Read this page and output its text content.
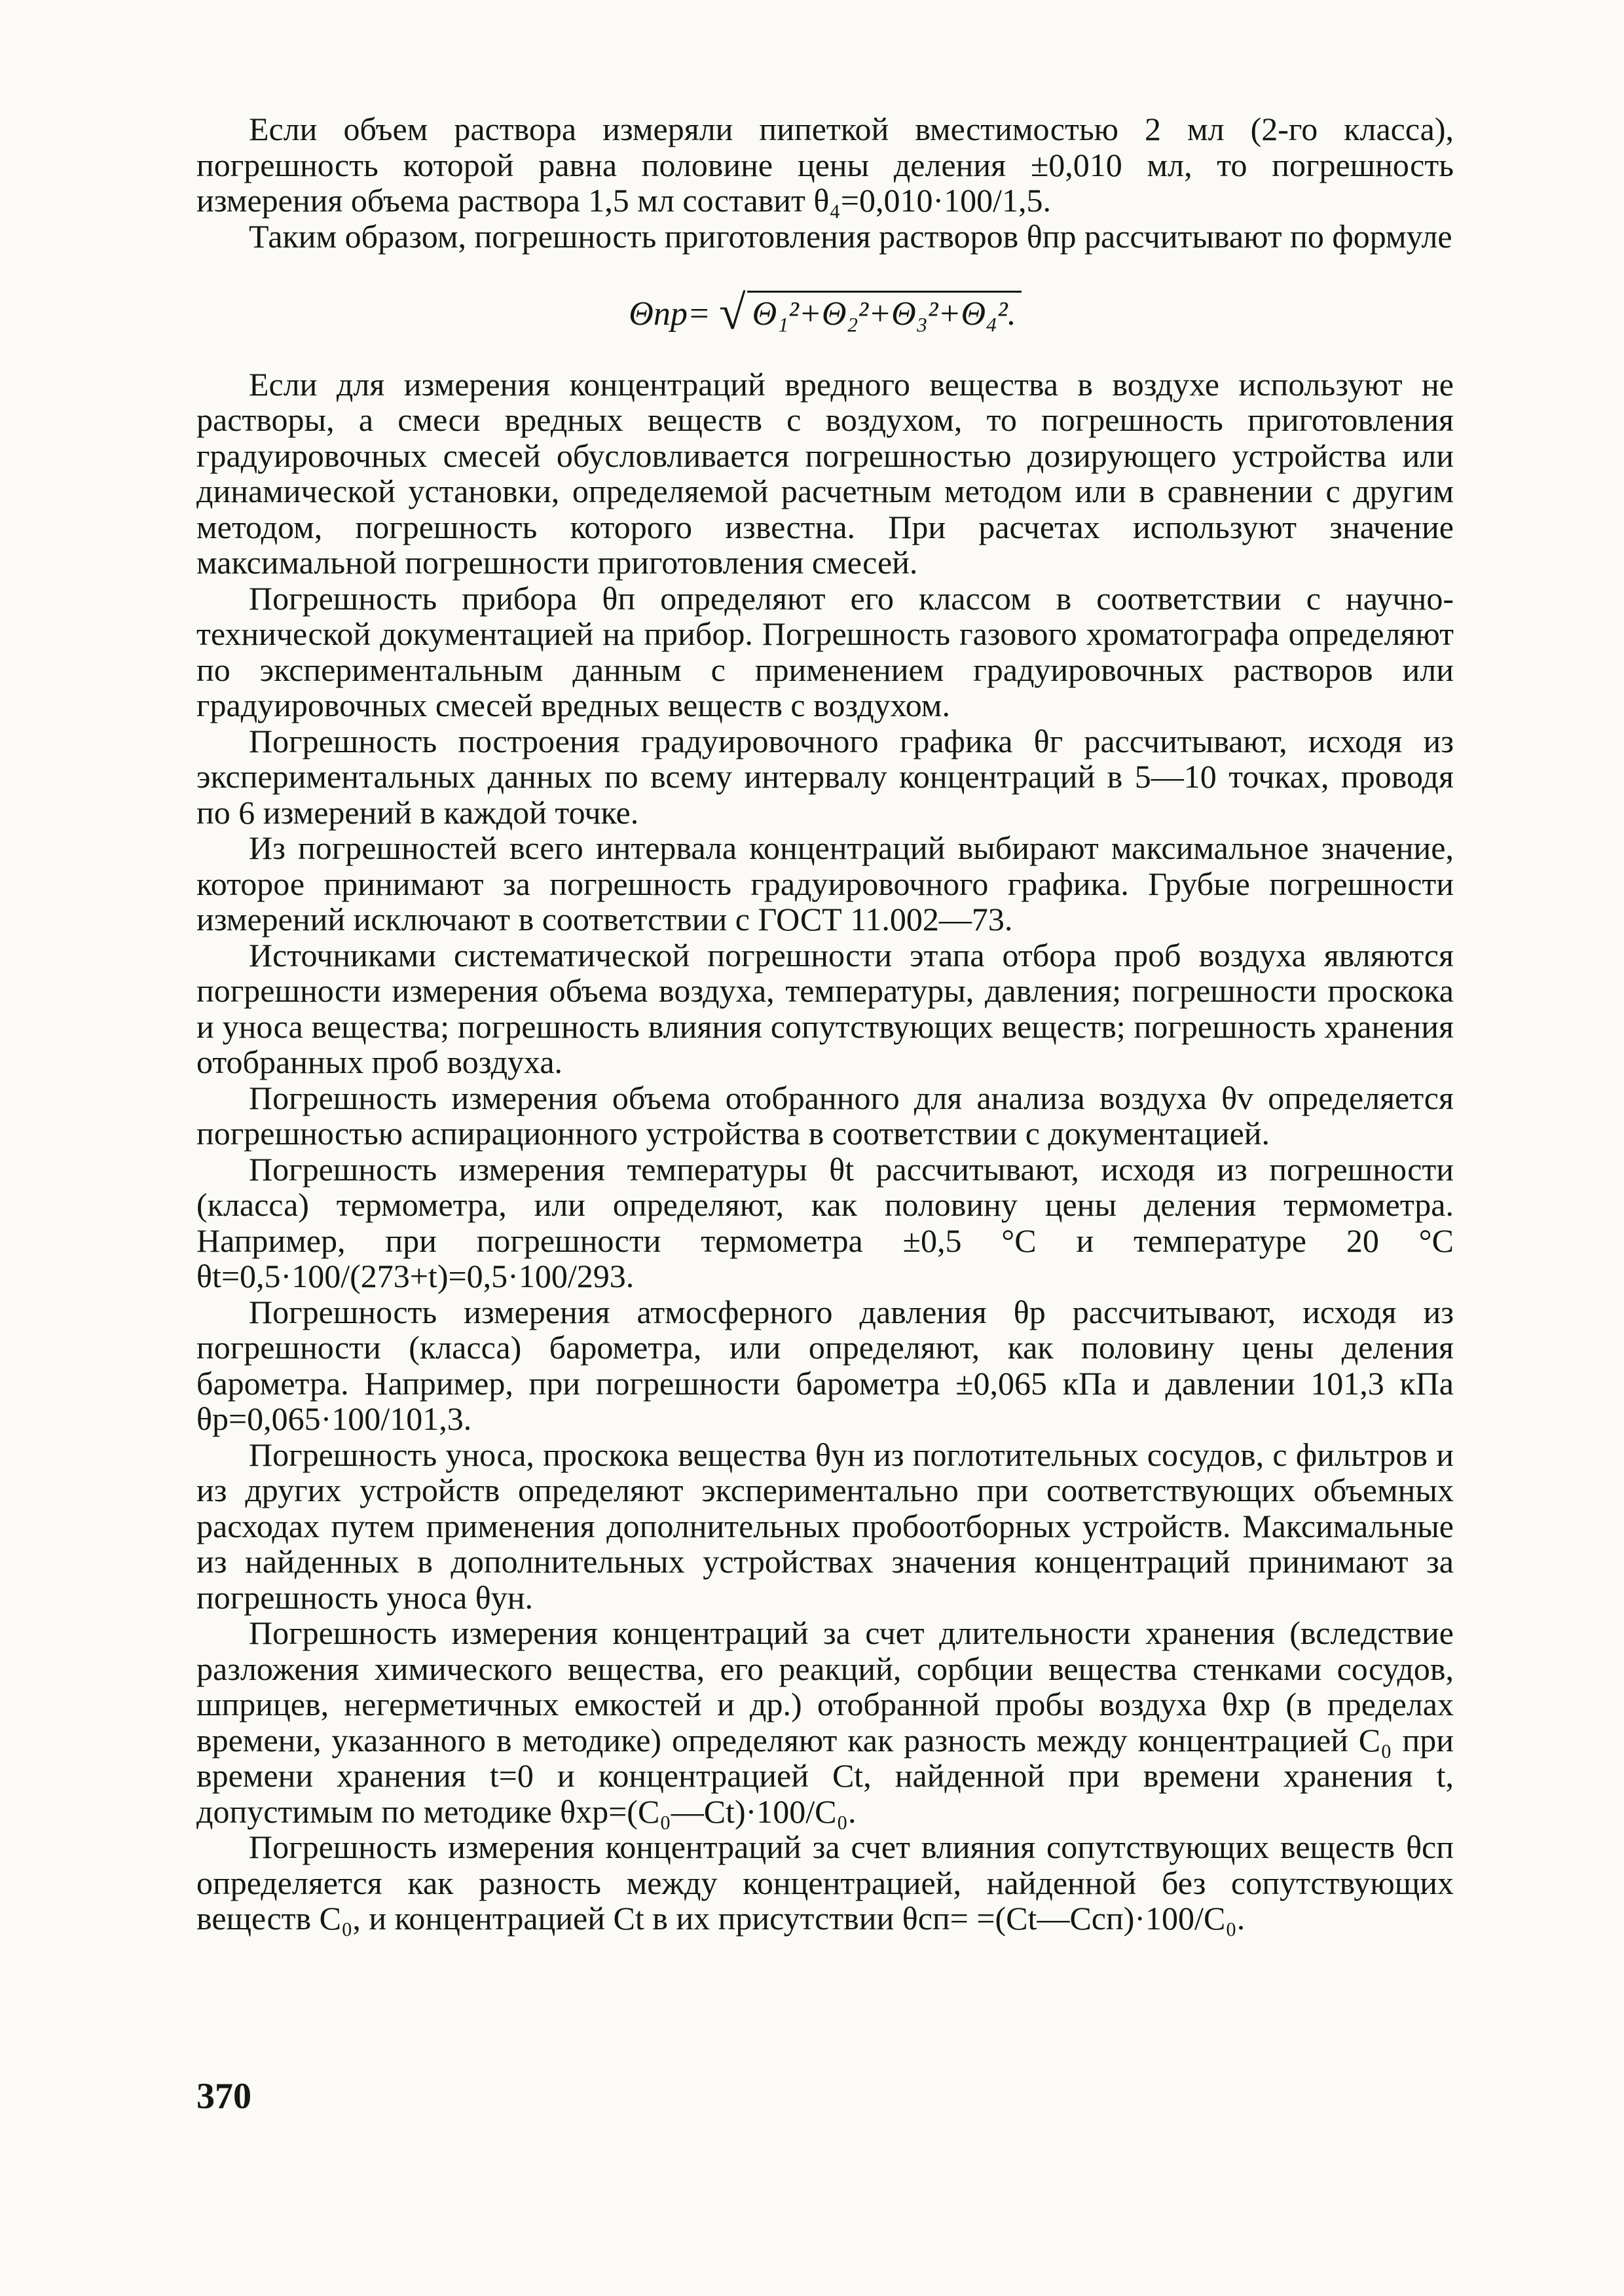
Если объем раствора измеряли пипеткой вместимостью 2 мл (2-го класса), погрешность которой равна половине цены деления ±0,010 мл, то погрешность измерения объема раствора 1,5 мл составит θ₄=0,010·100/1,5.

Таким образом, погрешность приготовления растворов θпр рассчитывают по формуле

Θпр= √ Θ₁²+Θ₂²+Θ₃²+Θ₄².

Если для измерения концентраций вредного вещества в воздухе используют не растворы, а смеси вредных веществ с воздухом, то погрешность приготовления градуировочных смесей обусловливается погрешностью дозирующего устройства или динамической установки, определяемой расчетным методом или в сравнении с другим методом, погрешность которого известна. При расчетах используют значение максимальной погрешности приготовления смесей.

Погрешность прибора θп определяют его классом в соответствии с научно-технической документацией на прибор. Погрешность газового хроматографа определяют по экспериментальным данным с применением градуировочных растворов или градуировочных смесей вредных веществ с воздухом.

Погрешность построения градуировочного графика θг рассчитывают, исходя из экспериментальных данных по всему интервалу концентраций в 5—10 точках, проводя по 6 измерений в каждой точке.

Из погрешностей всего интервала концентраций выбирают максимальное значение, которое принимают за погрешность градуировочного графика. Грубые погрешности измерений исключают в соответствии с ГОСТ 11.002—73.

Источниками систематической погрешности этапа отбора проб воздуха являются погрешности измерения объема воздуха, температуры, давления; погрешности проскока и уноса вещества; погрешность влияния сопутствующих веществ; погрешность хранения отобранных проб воздуха.

Погрешность измерения объема отобранного для анализа воздуха θv определяется погрешностью аспирационного устройства в соответствии с документацией.

Погрешность измерения температуры θt рассчитывают, исходя из погрешности (класса) термометра, или определяют, как половину цены деления термометра. Например, при погрешности термометра ±0,5 °С и температуре 20 °С θt=0,5·100/(273+t)=0,5·100/293.

Погрешность измерения атмосферного давления θp рассчитывают, исходя из погрешности (класса) барометра, или определяют, как половину цены деления барометра. Например, при погрешности барометра ±0,065 кПа и давлении 101,3 кПа θp=0,065·100/101,3.

Погрешность уноса, проскока вещества θун из поглотительных сосудов, с фильтров и из других устройств определяют экспериментально при соответствующих объемных расходах путем применения дополнительных пробоотборных устройств. Максимальные из найденных в дополнительных устройствах значения концентраций принимают за погрешность уноса θун.

Погрешность измерения концентраций за счет длительности хранения (вследствие разложения химического вещества, его реакций, сорбции вещества стенками сосудов, шприцев, негерметичных емкостей и др.) отобранной пробы воздуха θхр (в пределах времени, указанного в методике) определяют как разность между концентрацией C₀ при времени хранения t=0 и концентрацией Ct, найденной при времени хранения t, допустимым по методике θхр=(C₀—Ct)·100/C₀.

Погрешность измерения концентраций за счет влияния сопутствующих веществ θсп определяется как разность между концентрацией, найденной без сопутствующих веществ C₀, и концентрацией Ct в их присутствии θсп= =(Ct—Cсп)·100/C₀.

370
